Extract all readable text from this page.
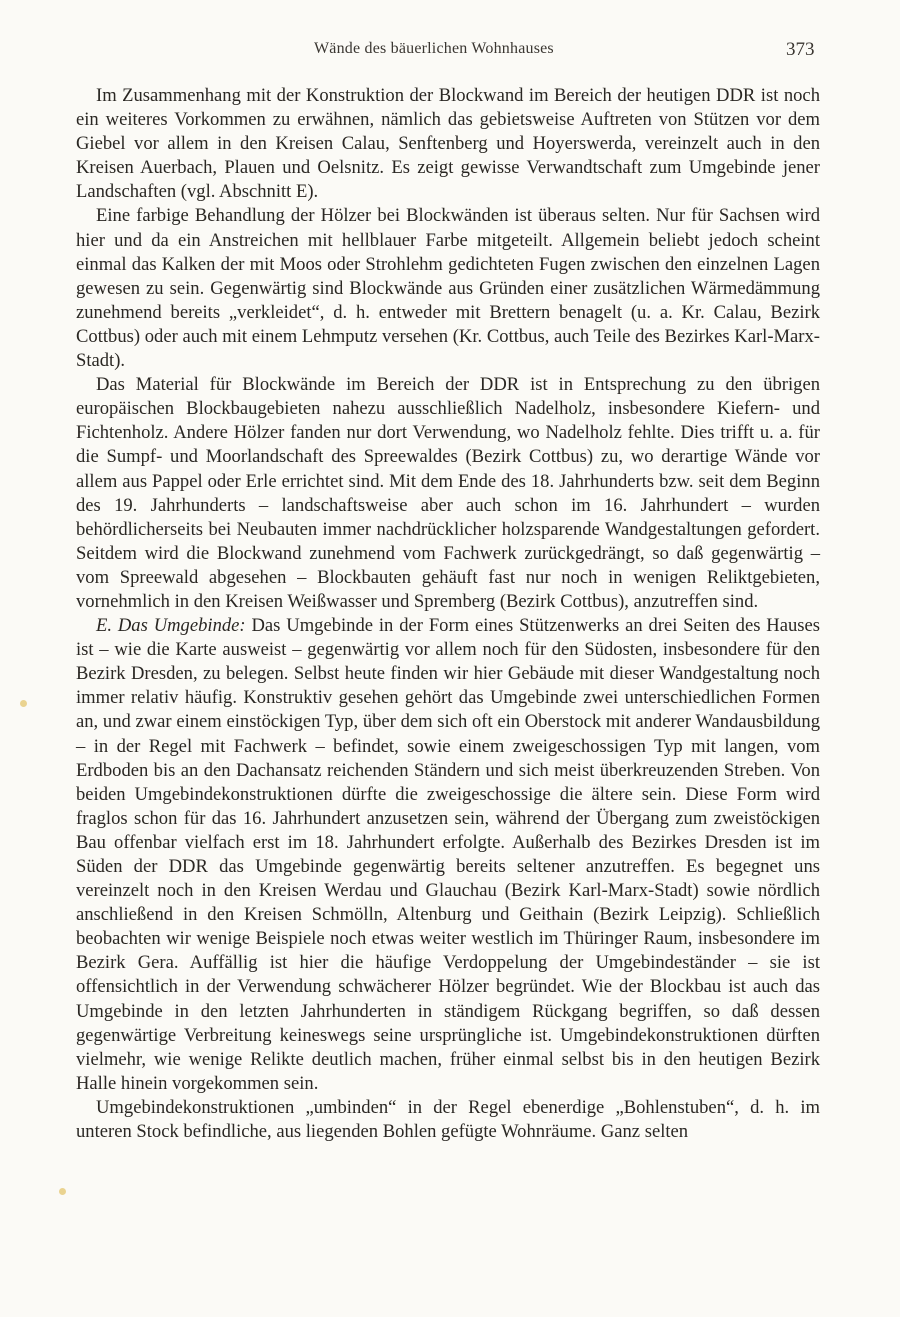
Wände des bäuerlichen Wohnhauses	373

Im Zusammenhang mit der Konstruktion der Blockwand im Bereich der heutigen DDR ist noch ein weiteres Vorkommen zu erwähnen, nämlich das gebietsweise Auftreten von Stützen vor dem Giebel vor allem in den Kreisen Calau, Senftenberg und Hoyerswerda, vereinzelt auch in den Kreisen Auerbach, Plauen und Oelsnitz. Es zeigt gewisse Verwandtschaft zum Umgebinde jener Landschaften (vgl. Abschnitt E).

Eine farbige Behandlung der Hölzer bei Blockwänden ist überaus selten. Nur für Sachsen wird hier und da ein Anstreichen mit hellblauer Farbe mitgeteilt. Allgemein beliebt jedoch scheint einmal das Kalken der mit Moos oder Strohlehm gedichteten Fugen zwischen den einzelnen Lagen gewesen zu sein. Gegenwärtig sind Blockwände aus Gründen einer zusätzlichen Wärmedämmung zunehmend bereits „verkleidet“, d. h. entweder mit Brettern benagelt (u. a. Kr. Calau, Bezirk Cottbus) oder auch mit einem Lehmputz versehen (Kr. Cottbus, auch Teile des Bezirkes Karl-Marx-Stadt).

Das Material für Blockwände im Bereich der DDR ist in Entsprechung zu den übrigen europäischen Blockbaugebieten nahezu ausschließlich Nadelholz, insbesondere Kiefern- und Fichtenholz. Andere Hölzer fanden nur dort Verwendung, wo Nadelholz fehlte. Dies trifft u. a. für die Sumpf- und Moorlandschaft des Spreewaldes (Bezirk Cottbus) zu, wo derartige Wände vor allem aus Pappel oder Erle errichtet sind. Mit dem Ende des 18. Jahrhunderts bzw. seit dem Beginn des 19. Jahrhunderts – landschaftsweise aber auch schon im 16. Jahrhundert – wurden behördlicherseits bei Neubauten immer nachdrücklicher holzsparende Wandgestaltungen gefordert. Seitdem wird die Blockwand zunehmend vom Fachwerk zurückgedrängt, so daß gegenwärtig – vom Spreewald abgesehen – Blockbauten gehäuft fast nur noch in wenigen Reliktgebieten, vornehmlich in den Kreisen Weißwasser und Spremberg (Bezirk Cottbus), anzutreffen sind.

E. Das Umgebinde: Das Umgebinde in der Form eines Stützenwerks an drei Seiten des Hauses ist – wie die Karte ausweist – gegenwärtig vor allem noch für den Südosten, insbesondere für den Bezirk Dresden, zu belegen. Selbst heute finden wir hier Gebäude mit dieser Wandgestaltung noch immer relativ häufig. Konstruktiv gesehen gehört das Umgebinde zwei unterschiedlichen Formen an, und zwar einem einstöckigen Typ, über dem sich oft ein Oberstock mit anderer Wandausbildung – in der Regel mit Fachwerk – befindet, sowie einem zweigeschossigen Typ mit langen, vom Erdboden bis an den Dachansatz reichenden Ständern und sich meist überkreuzenden Streben. Von beiden Umgebindekonstruktionen dürfte die zweigeschossige die ältere sein. Diese Form wird fraglos schon für das 16. Jahrhundert anzusetzen sein, während der Übergang zum zweistöckigen Bau offenbar vielfach erst im 18. Jahrhundert erfolgte. Außerhalb des Bezirkes Dresden ist im Süden der DDR das Umgebinde gegenwärtig bereits seltener anzutreffen. Es begegnet uns vereinzelt noch in den Kreisen Werdau und Glauchau (Bezirk Karl-Marx-Stadt) sowie nördlich anschließend in den Kreisen Schmölln, Altenburg und Geithain (Bezirk Leipzig). Schließlich beobachten wir wenige Beispiele noch etwas weiter westlich im Thüringer Raum, insbesondere im Bezirk Gera. Auffällig ist hier die häufige Verdoppelung der Umgebindeständer – sie ist offensichtlich in der Verwendung schwächerer Hölzer begründet. Wie der Blockbau ist auch das Umgebinde in den letzten Jahrhunderten in ständigem Rückgang begriffen, so daß dessen gegenwärtige Verbreitung keineswegs seine ursprüngliche ist. Umgebindekonstruktionen dürften vielmehr, wie wenige Relikte deutlich machen, früher einmal selbst bis in den heutigen Bezirk Halle hinein vorgekommen sein.

Umgebindekonstruktionen „umbinden“ in der Regel ebenerdige „Bohlenstuben“, d. h. im unteren Stock befindliche, aus liegenden Bohlen gefügte Wohnräume. Ganz selten
